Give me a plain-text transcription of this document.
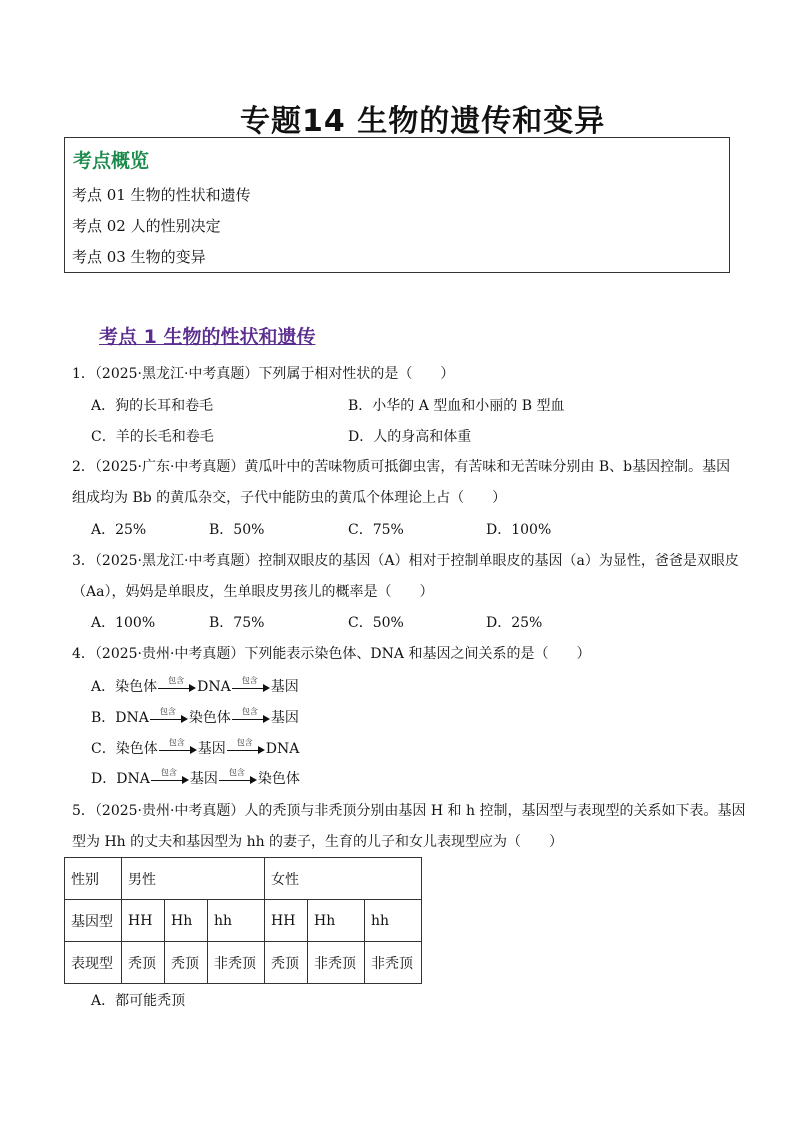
专题14 生物的遗传和变异
考点概览
考点 01 生物的性状和遗传
考点 02 人的性别决定
考点 03 生物的变异
考点 1 生物的性状和遗传
1．（2025·黑龙江·中考真题）下列属于相对性状的是（　　）
A．狗的长耳和卷毛	B．小华的 A 型血和小丽的 B 型血
C．羊的长毛和卷毛	D．人的身高和体重
2．（2025·广东·中考真题）黄瓜叶中的苦味物质可抵御虫害，有苦味和无苦味分别由 B、b基因控制。基因
组成均为 Bb 的黄瓜杂交，子代中能防虫的黄瓜个体理论上占（　　）
A．25%	B．50%	C．75%	D．100%
3．（2025·黑龙江·中考真题）控制双眼皮的基因（A）相对于控制单眼皮的基因（a）为显性，爸爸是双眼皮
（Aa），妈妈是单眼皮，生单眼皮男孩儿的概率是（　　）
A．100%	B．75%	C．50%	D．25%
4．（2025·贵州·中考真题）下列能表示染色体、DNA 和基因之间关系的是（　　）
A．染色体 包含 DNA 包含 基因
B．DNA 包含 染色体 包含 基因
C．染色体 包含 基因 包含 DNA
D．DNA 包含 基因 包含 染色体
5．（2025·贵州·中考真题）人的秃顶与非秃顶分别由基因 H 和 h 控制，基因型与表现型的关系如下表。基因
型为 Hh 的丈夫和基因型为 hh 的妻子，生育的儿子和女儿表现型应为（　　）
性别	男性			女性		
基因型	HH	Hh	hh	HH	Hh	hh
表现型	秃顶	秃顶	非秃顶	秃顶	非秃顶	非秃顶
A．都可能秃顶
